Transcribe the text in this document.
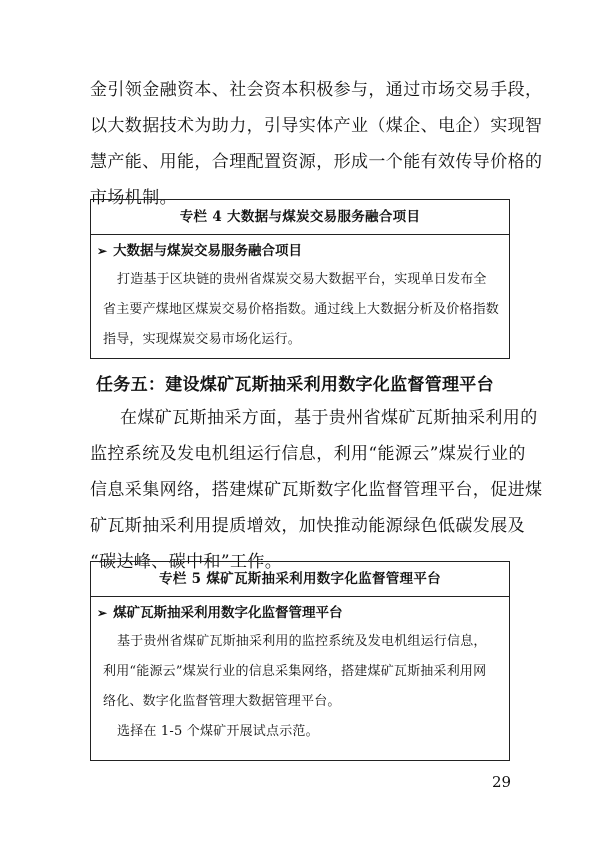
金引领金融资本、社会资本积极参与，通过市场交易手段，
以大数据技术为助力，引导实体产业（煤企、电企）实现智
慧产能、用能，合理配置资源，形成一个能有效传导价格的
市场机制。
专栏 4 大数据与煤炭交易服务融合项目
➢ 大数据与煤炭交易服务融合项目
打造基于区块链的贵州省煤炭交易大数据平台，实现单日发布全
省主要产煤地区煤炭交易价格指数。通过线上大数据分析及价格指数
指导，实现煤炭交易市场化运行。
任务五：建设煤矿瓦斯抽采利用数字化监督管理平台
在煤矿瓦斯抽采方面，基于贵州省煤矿瓦斯抽采利用的
监控系统及发电机组运行信息，利用“能源云”煤炭行业的
信息采集网络，搭建煤矿瓦斯数字化监督管理平台，促进煤
矿瓦斯抽采利用提质增效，加快推动能源绿色低碳发展及
“碳达峰、碳中和”工作。
专栏 5 煤矿瓦斯抽采利用数字化监督管理平台
➢ 煤矿瓦斯抽采利用数字化监督管理平台
基于贵州省煤矿瓦斯抽采利用的监控系统及发电机组运行信息，
利用“能源云”煤炭行业的信息采集网络，搭建煤矿瓦斯抽采利用网
络化、数字化监督管理大数据管理平台。
选择在 1-5 个煤矿开展试点示范。
29
